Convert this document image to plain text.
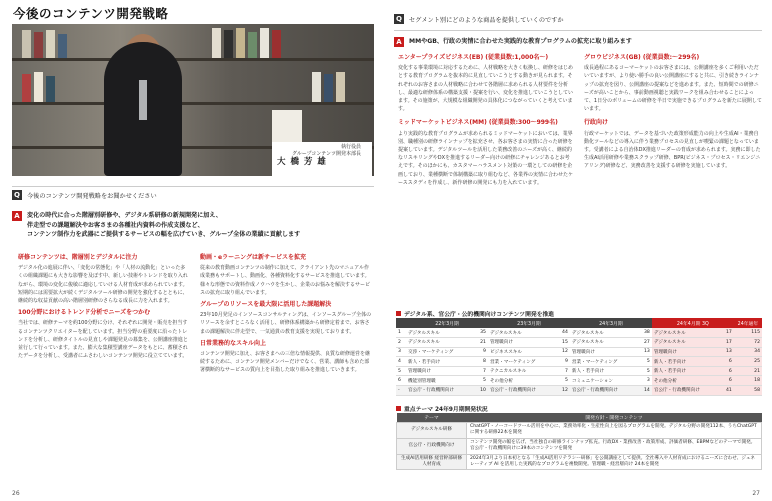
今後のコンテンツ開発戦略
執行役員
グループコンテンツ開発本部長
大 橋 芳 雄
Q	今後のコンテンツ開発戦略をお聞かせください
A	変化の時代に合った階層別研修や、デジタル系研修の新規開発に加え、
伴走型での課題解決やお客さまの各種社内資料の作成支援など、
コンテンツ制作力を武器にご提供するサービスの幅を広げていき、グループ全体の業績に貢献します
研修コンテンツは、階層別とデジタルに注力
デジタル化の進展に伴い、「変化の常態化」や「人材の流動化」といった多くの組織課題にも大きな影響を及ぼす中、新しい技術やトレンドを取り入れながら、環境の変化に俊敏に適応していける人材育成が求められています。短期的には需要拡大が続くデジタルツール研修の開発を強化するとともに、継続的な収益貢献の高い階層別研修のさらなる成長に力を入れます。
100分野におけるトレンド分析でニーズをつかむ
当社では、研修テーマを約100分野に分け、それぞれに開発・販売を担当するコンテンツクリエイターを配しています。担当分野の重要度に沿ったトレンドを分析し、研修タイトルの見直しや課題発見の募集を、公開講座推進と並行して行っています。また、膨大な集積型講座データをもとに、蓄積されたデータを分析し、受講者にふさわしいコンテンツ開発に役立てています。
動画・eラーニングは新サービスを拡充
従来の教育動画コンテンツの制作に加えて、クライアント先のマニュアル作成業務もサポートし、動画化、各種資料化するサービスを推進しています。様々な形態での資料作成ノウハウを生かし、企業のお悩みを解決するサービスの拡充に取り組んでいます。
グループのリソースを最大限に活用した課題解決
23年10月発足のインソースコンサルティングは、インソースグループ全体のリソースを余すところなく活用し、研修体系構築から研修定着まで、お客さまの課題解決に伴走型で、一気通貫の教育支援を実現しております。
日常業務的なスキル向上
コンテンツ開発に加え、お客さまへの三倍な情報提供、良質な研修運営を継続するために、コンテンツ開発メンバーだけでなく、営業、講師も含めた部署横断的なサービスの質向上を目指した取り組みを推進していきます。
26
Q	セグメント別にどのような商品を提供していくのですか
A	MMやGB、行政の実情に合わせた実践的な教育プログラムの拡充に取り組みます
エンタープライズビジネス(EB) (従業員数:1,000名〜)
変化する事業環境に対応するために、人材戦略を大きく転換し、研修をはじめとする教育プログラムを抜本的に見直していこうとする動きが見られます。それぞれのお客さまの人材戦略に合わせて各階層に求められる人材要件を分析し、最適な研修体系の構築支援・提案を行い、変化を推進していこうとしています。その施策が、大規模な組織開発の具体化につながっていくと考えています。
ミッドマーケットビジネス(MM) (従業員数:300〜999名)
より実践的な教育プログラムが求められるミッドマーケットにおいては、業界別、職種別の研修ラインナップを拡充させ、各お客さまの実情に合った研修を提案しています。デジタルツールを活用した業務改善のニーズが高く、継続的なリスキリングやDXを推進するリーダー向けの研修にチャレンジあるとお考えです。そのほかにも、カスタマーハラスメント対策の一環としての研修を企画しており、業種横断で体制構築に取り組むなど、各業界の実情に合わせたケーススタディを作成し、新作研修の開発にも力を入れています。
グロウビジネス(GB) (従業員数:〜299名)
成長過程にあるコーマーケットのお客さまには、公開講座を多くご利用いただいていますが、より使い勝手の良い公開講座にすると共に、引き続きラインナップの拡充を図り、公開講座の提案などを進めます。また、短時間での研修ニーズが高いことから、事前動画視聴と実践ワークを組み合わせることによって、1日分のボリュームの研修を半日で実施できるプログラムを新たに展開しています。
行政向け
行政マーケットでは、データを基づいた政策形成能力の向上や生成AI・業務自動化ツールなどの導入に伴う業務プロセスの見直しが喫緊の課題となっています。受講者による自治体DX推進リーダーの育成が求められます。実務に即した生成AI活用研修や業務スクラップ研修、BPR(ビジネス・プロセス・リエンジニアリング)研修など、実務改善を支援する研修を実施しています。
デジタル系、官公庁・公的機関向けコンテンツ開発を推進
	22年3月期		23年3月期		24年3月期		24年4月期 3Q		24年通年
1	デジタルスキル	35	デジタルスキル	44	デジタルスキル	38	デジタルスキル	17	115
2	デジタルスキル	21	管理職向け	15	デジタルスキル	27	デジタルスキル	17	72
3	交渉・マーケティング	9	ビジネススキル	12	管理職向け	13	管理職向け	13	34
4	新人・若手向け	8	営業・マーケティング	9	営業・マーケティング	5	新人・若手向け	6	25
5	管理職向け	7	テクニカルスキル	7	新人・若手向け	5	新人・若手向け	6	21
6	機能別管理職	5	その他分析	5	コミュニケーション	3	その他分析	6	18
-	官公庁・行政機関向け	10	官公庁・行政機関向け	12	官公庁・行政機関向け	14	官公庁・行政機関向け	41	58
重点テーマ 24年9月期開発状況
テーマ	開発方針・開発コンテンツ
デジタルスキル研修	ChatGPT・ノーコードツール活用を中心に、業務効率化・生産性向上を図るプログラムを開発。デジタル分野の開発112本、うちChatGPTに関する研修22本を開発
官公庁・行政機関向け	コンテンツ開発の幅を広げ、当社独自の研修ラインナップ拡充。行政DX・業務改善・政策形成、評価者研修、EBPMなどのテーマで開発。官公庁・行政機関向けに39本のコンテンツを開発
生成AI活用研修 経営幹部研修人材育成	2024年3月より日本初となる「生成AI活用リテラシー研修」を公開講座として提供。全社導入や人材育成におけるニーズに合わせ、ジェネレーティブ AI を活用した実践的なプログラムを複数開発。管理職・経営層向け 24本を開発
27
